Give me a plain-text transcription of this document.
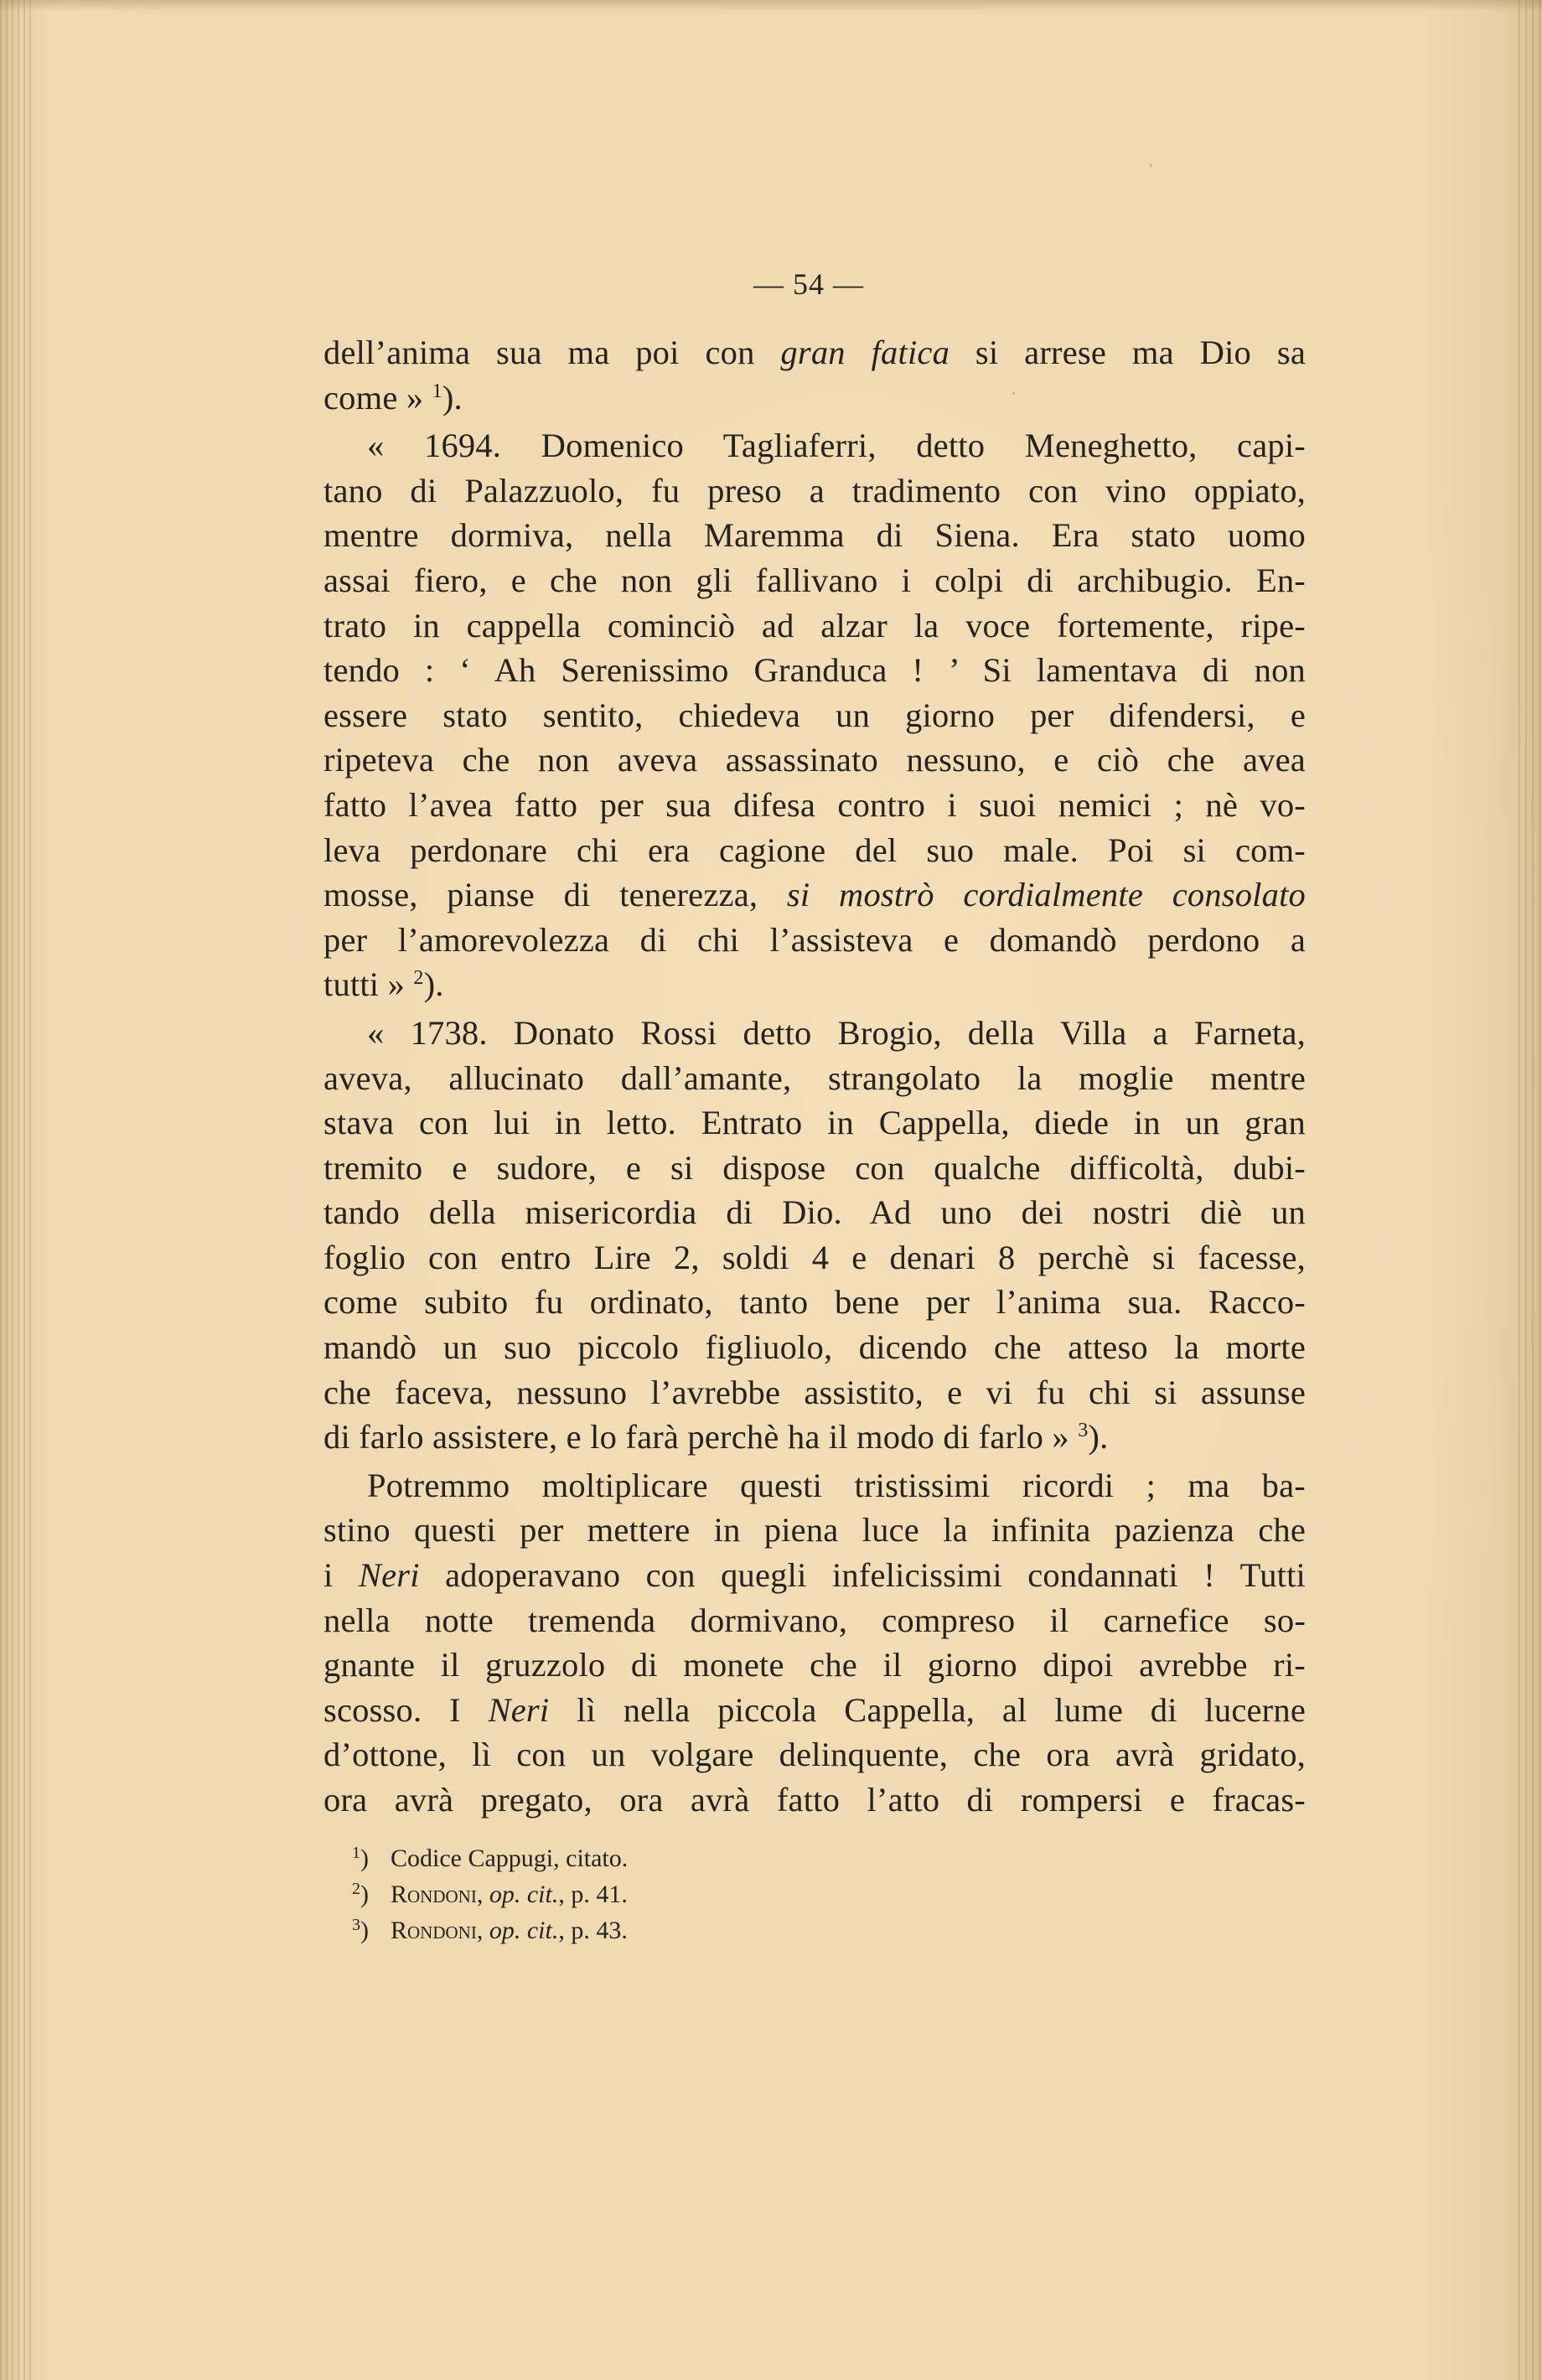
— 54 —
dell’anima sua ma poi con gran fatica si arrese ma Dio sa
come » $^1$).
« 1694. Domenico Tagliaferri, detto Meneghetto, capi-
tano di Palazzuolo, fu preso a tradimento con vino oppiato,
mentre dormiva, nella Maremma di Siena. Era stato uomo
assai fiero, e che non gli fallivano i colpi di archibugio. En-
trato in cappella cominciò ad alzar la voce fortemente, ripe-
tendo : ‘ Ah Serenissimo Granduca ! ’ Si lamentava di non
essere stato sentito, chiedeva un giorno per difendersi, e
ripeteva che non aveva assassinato nessuno, e ciò che avea
fatto l’avea fatto per sua difesa contro i suoi nemici ; nè vo-
leva perdonare chi era cagione del suo male. Poi si com-
mosse, pianse di tenerezza, si mostrò cordialmente consolato
per l’amorevolezza di chi l’assisteva e domandò perdono a
tutti » $^2$).
« 1738. Donato Rossi detto Brogio, della Villa a Farneta,
aveva, allucinato dall’amante, strangolato la moglie mentre
stava con lui in letto. Entrato in Cappella, diede in un gran
tremito e sudore, e si dispose con qualche difficoltà, dubi-
tando della misericordia di Dio. Ad uno dei nostri diè un
foglio con entro Lire 2, soldi 4 e denari 8 perchè si facesse,
come subito fu ordinato, tanto bene per l’anima sua. Racco-
mandò un suo piccolo figliuolo, dicendo che atteso la morte
che faceva, nessuno l’avrebbe assistito, e vi fu chi si assunse
di farlo assistere, e lo farà perchè ha il modo di farlo » $^3$).
Potremmo moltiplicare questi tristissimi ricordi ; ma ba-
stino questi per mettere in piena luce la infinita pazienza che
i Neri adoperavano con quegli infelicissimi condannati ! Tutti
nella notte tremenda dormivano, compreso il carnefice so-
gnante il gruzzolo di monete che il giorno dipoi avrebbe ri-
scosso. I Neri lì nella piccola Cappella, al lume di lucerne
d’ottone, lì con un volgare delinquente, che ora avrà gridato,
ora avrà pregato, ora avrà fatto l’atto di rompersi e fracas-
$^1$) Codice Cappugi, citato.
$^2$) Rondoni, op. cit., p. 41.
$^3$) Rondoni, op. cit., p. 43.
